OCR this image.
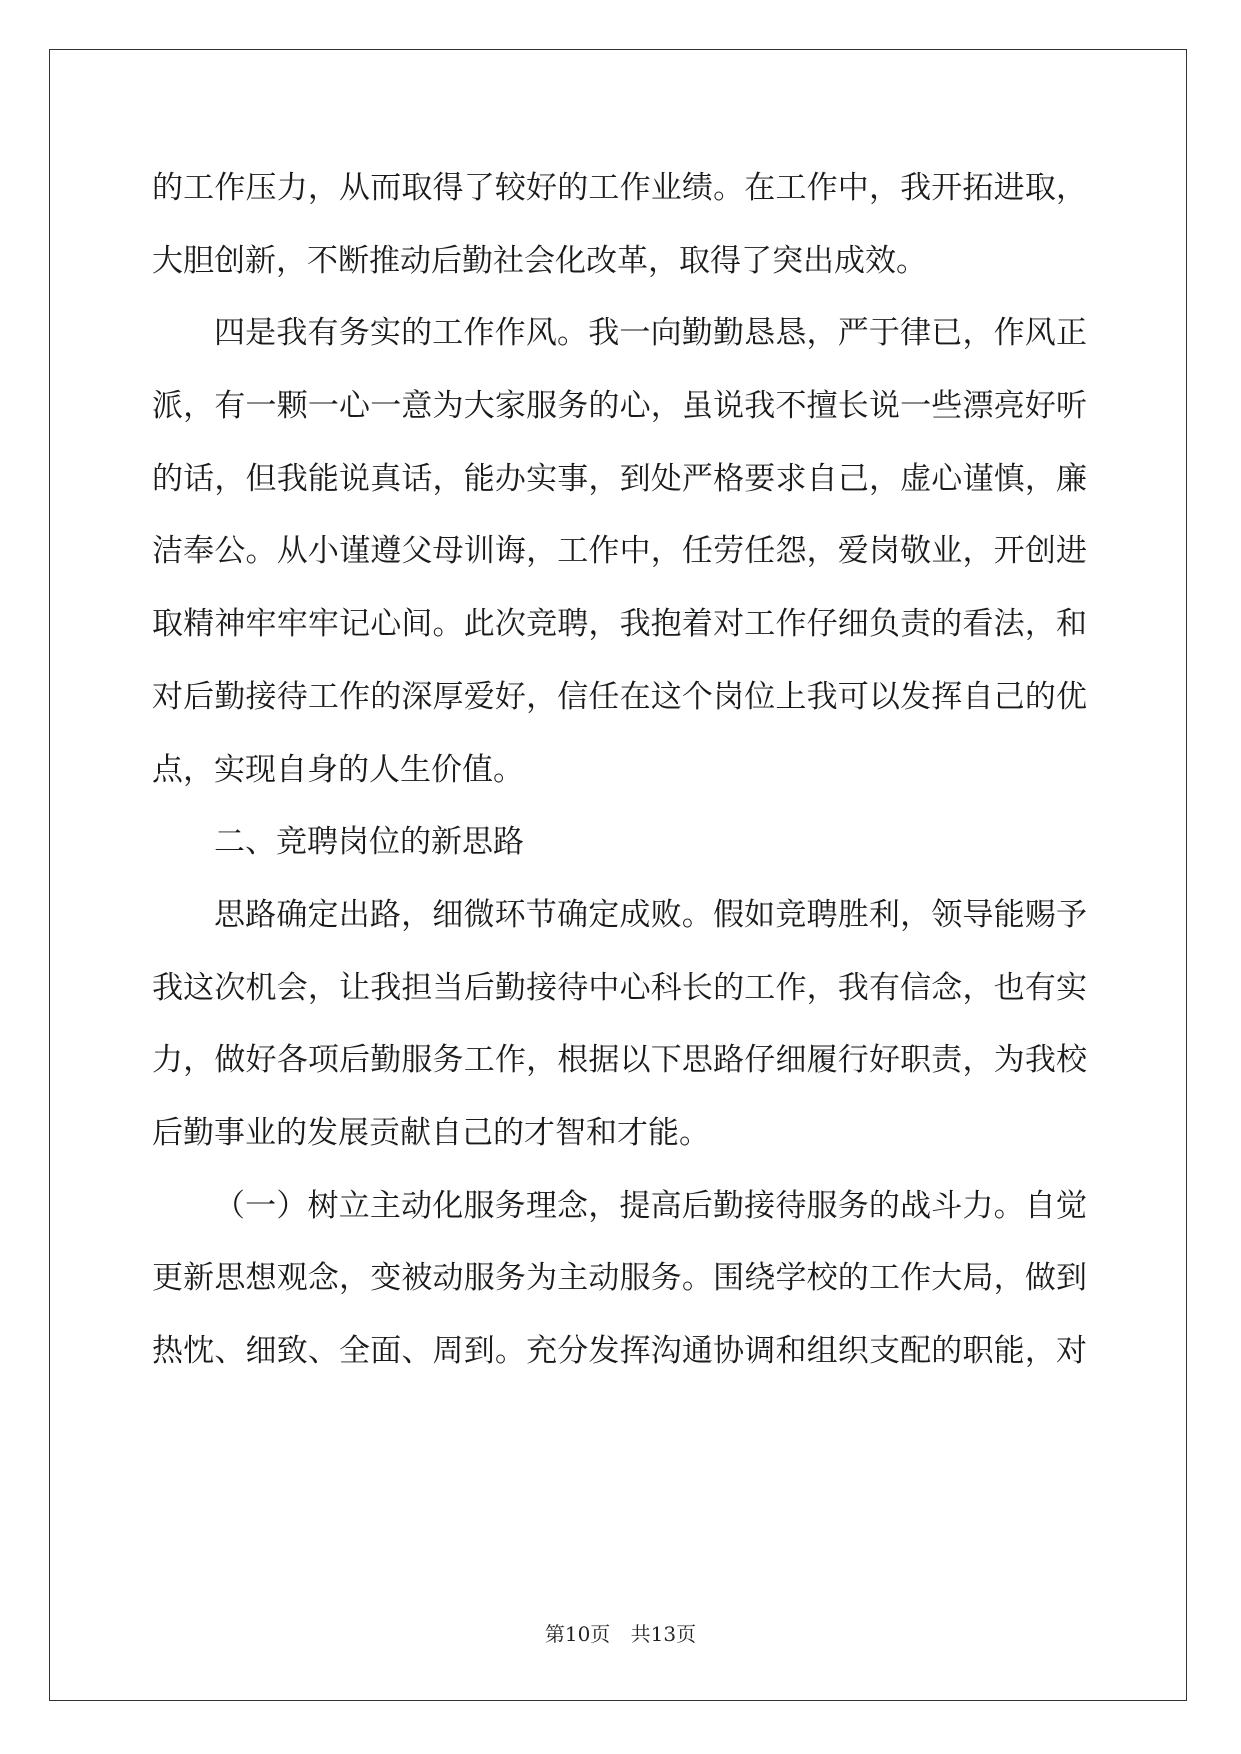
的工作压力，从而取得了较好的工作业绩。在工作中，我开拓进取，
大胆创新，不断推动后勤社会化改革，取得了突出成效。
四是我有务实的工作作风。我一向勤勤恳恳，严于律已，作风正
派，有一颗一心一意为大家服务的心，虽说我不擅长说一些漂亮好听
的话，但我能说真话，能办实事，到处严格要求自己，虚心谨慎，廉
洁奉公。从小谨遵父母训诲，工作中，任劳任怨，爱岗敬业，开创进
取精神牢牢牢记心间。此次竞聘，我抱着对工作仔细负责的看法，和
对后勤接待工作的深厚爱好，信任在这个岗位上我可以发挥自己的优
点，实现自身的人生价值。
二、竞聘岗位的新思路
思路确定出路，细微环节确定成败。假如竞聘胜利，领导能赐予
我这次机会，让我担当后勤接待中心科长的工作，我有信念，也有实
力，做好各项后勤服务工作，根据以下思路仔细履行好职责，为我校
后勤事业的发展贡献自己的才智和才能。
（一）树立主动化服务理念，提高后勤接待服务的战斗力。自觉
更新思想观念，变被动服务为主动服务。围绕学校的工作大局，做到
热忱、细致、全面、周到。充分发挥沟通协调和组织支配的职能，对
第10页 共13页
